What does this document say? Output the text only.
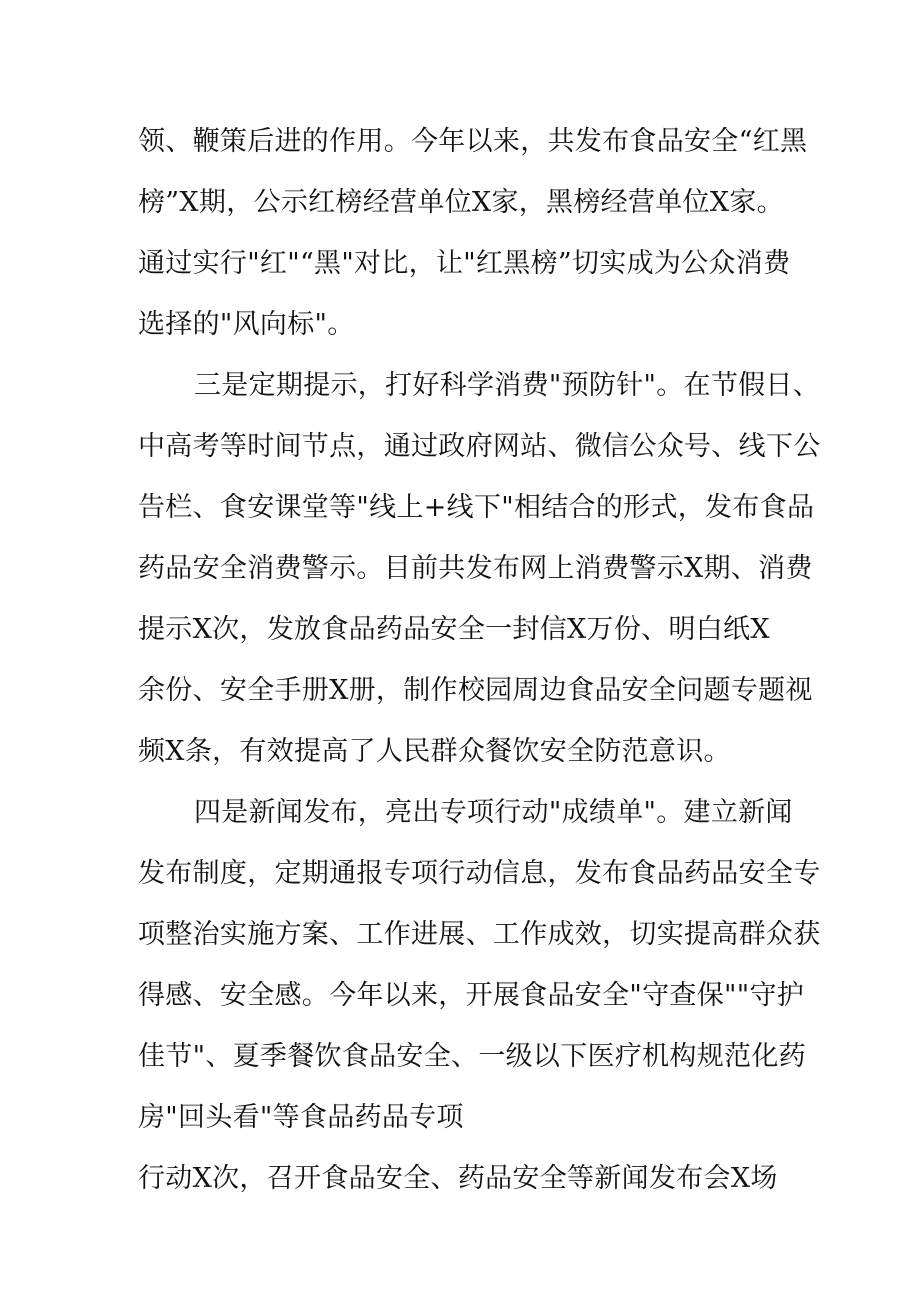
领、鞭策后进的作用。今年以来，共发布食品安全“红黑
榜”X期，公示红榜经营单位X家，黑榜经营单位X家。
通过实行"红"“黑"对比，让"红黑榜”切实成为公众消费
选择的"风向标"。
三是定期提示，打好科学消费"预防针"。在节假日、
中高考等时间节点，通过政府网站、微信公众号、线下公
告栏、食安课堂等"线上+线下"相结合的形式，发布食品
药品安全消费警示。目前共发布网上消费警示X期、消费
提示X次，发放食品药品安全一封信X万份、明白纸X
余份、安全手册X册，制作校园周边食品安全问题专题视
频X条，有效提高了人民群众餐饮安全防范意识。
四是新闻发布，亮出专项行动"成绩单"。建立新闻
发布制度，定期通报专项行动信息，发布食品药品安全专
项整治实施方案、工作进展、工作成效，切实提高群众获
得感、安全感。今年以来，开展食品安全"守查保""守护
佳节"、夏季餐饮食品安全、一级以下医疗机构规范化药
房"回头看"等食品药品专项
行动X次，召开食品安全、药品安全等新闻发布会X场
